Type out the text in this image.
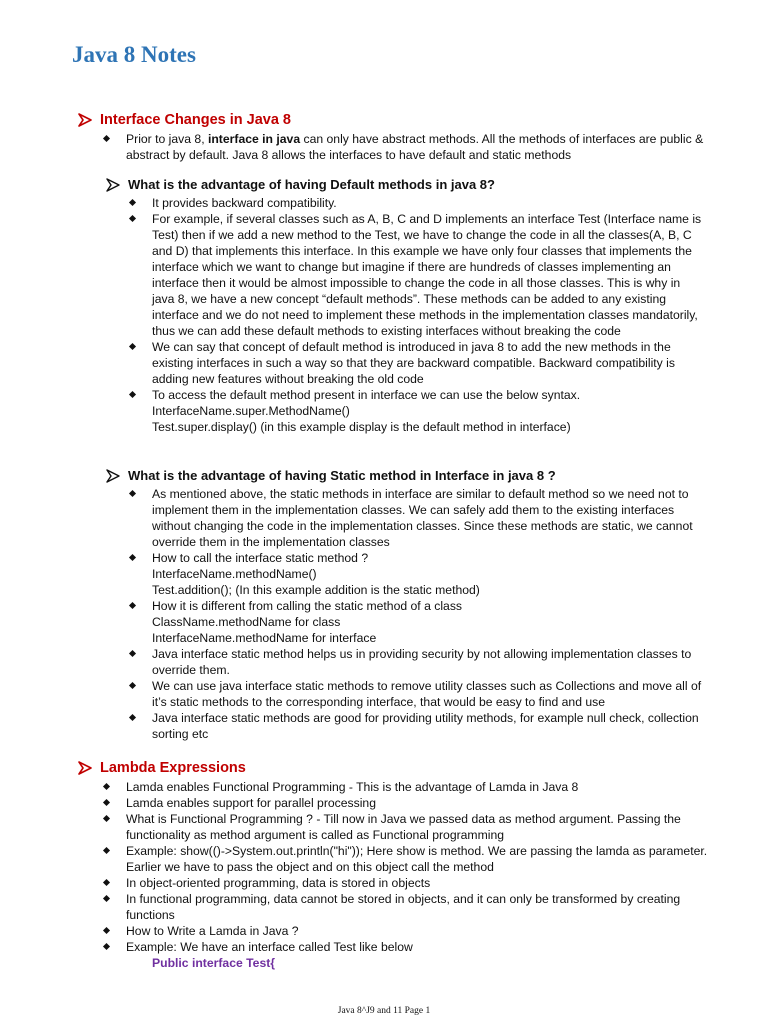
Java 8 Notes
Interface Changes in Java 8
Prior to java 8, interface in java can only have abstract methods. All the methods of interfaces are public & abstract by default. Java 8 allows the interfaces to have default and static methods
What is the advantage of having Default methods in java 8?
It provides backward compatibility.
For example, if several classes such as A, B, C and D implements an interface Test (Interface name is Test) then if we add a new method to the Test, we have to change the code in all the classes(A, B, C and D) that implements this interface. In this example we have only four classes that implements the interface which we want to change but imagine if there are hundreds of classes implementing an interface then it would be almost impossible to change the code in all those classes. This is why in java 8, we have a new concept “default methods”. These methods can be added to any existing interface and we do not need to implement these methods in the implementation classes mandatorily, thus we can add these default methods to existing interfaces without breaking the code
We can say that concept of default method is introduced in java 8 to add the new methods in the existing interfaces in such a way so that they are backward compatible. Backward compatibility is adding new features without breaking the old code
To access the default method present in interface we can use the below syntax.
InterfaceName.super.MethodName()
Test.super.display() (in this example display is the default method in interface)
What is the advantage of having Static method in Interface in java 8 ?
As mentioned above, the static methods in interface are similar to default method so we need not to implement them in the implementation classes. We can safely add them to the existing interfaces without changing the code in the implementation classes. Since these methods are static, we cannot override them in the implementation classes
How to call the interface static method ?
InterfaceName.methodName()
Test.addition(); (In this example addition is the static method)
How it is different from calling the static method of a class
ClassName.methodName for class
InterfaceName.methodName for interface
Java interface static method helps us in providing security by not allowing implementation classes to override them.
We can use java interface static methods to remove utility classes such as Collections and move all of it’s static methods to the corresponding interface, that would be easy to find and use
Java interface static methods are good for providing utility methods, for example null check, collection sorting etc
Lambda Expressions
Lamda enables Functional Programming - This is the advantage of Lamda in Java 8
Lamda enables support for parallel processing
What is Functional Programming ? - Till now in Java we passed data as method argument. Passing the functionality as method argument is called as Functional programming
Example: show(()->System.out.println("hi")); Here show is method. We are passing the lamda as parameter. Earlier we have to pass the object and on this object call the method
In object-oriented programming, data is stored in objects
In functional programming, data cannot be stored in objects, and it can only be transformed by creating functions
How to Write a Lamda in Java ?
Example: We have an interface called Test like below
Public interface Test{
Java 8^J9 and 11 Page 1
